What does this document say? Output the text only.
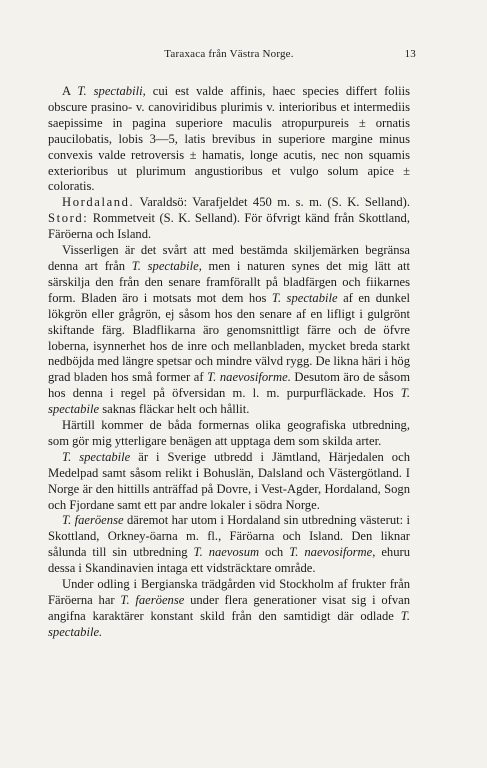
Taraxaca från Västra Norge.	13

A T. spectabili, cui est valde affinis, haec species differt foliis obscure prasino- v. canoviridibus plurimis v. interioribus et intermediis saepissime in pagina superiore maculis atropurpureis ± ornatis paucilobatis, lobis 3—5, latis brevibus in superiore margine minus convexis valde retroversis ± hamatis, longe acutis, nec non squamis exterioribus ut plurimum angustioribus et vulgo solum apice ± coloratis.

Hordaland. Varaldsö: Varafjeldet 450 m. s. m. (S. K. Selland). Stord: Rommetveit (S. K. Selland). För öfvrigt känd från Skottland, Färöerna och Island.

Visserligen är det svårt att med bestämda skiljemärken begränsa denna art från T. spectabile, men i naturen synes det mig lätt att särskilja den från den senare framförallt på bladfärgen och fiikarnes form. Bladen äro i motsats mot dem hos T. spectabile af en dunkel lökgrön eller grågrön, ej såsom hos den senare af en lifligt i gulgrönt skiftande färg. Bladflikarna äro genomsnittligt färre och de öfvre loberna, isynnerhet hos de inre och mellanbladen, mycket breda starkt nedböjda med längre spetsar och mindre välvd rygg. De likna häri i hög grad bladen hos små former af T. naevosiforme. Desutom äro de såsom hos denna i regel på öfversidan m. l. m. purpurfläckade. Hos T. spectabile saknas fläckar helt och hållit.

Härtill kommer de båda formernas olika geografiska utbredning, som gör mig ytterligare benägen att upptaga dem som skilda arter.

T. spectabile är i Sverige utbredd i Jämtland, Härjedalen och Medelpad samt såsom relikt i Bohuslän, Dalsland och Västergötland. I Norge är den hittills anträffad på Dovre, i Vest-Agder, Hordaland, Sogn och Fjordane samt ett par andre lokaler i södra Norge.

T. faeröense däremot har utom i Hordaland sin utbredning västerut: i Skottland, Orkney-öarna m. fl., Färöarna och Island. Den liknar sålunda till sin utbredning T. naevosum och T. naevosiforme, ehuru dessa i Skandinavien intaga ett vidsträcktare område.

Under odling i Bergianska trädgården vid Stockholm af frukter från Färöerna har T. faeröense under flera generationer visat sig i ofvan angifna karaktärer konstant skild från den samtidigt där odlade T. spectabile.
